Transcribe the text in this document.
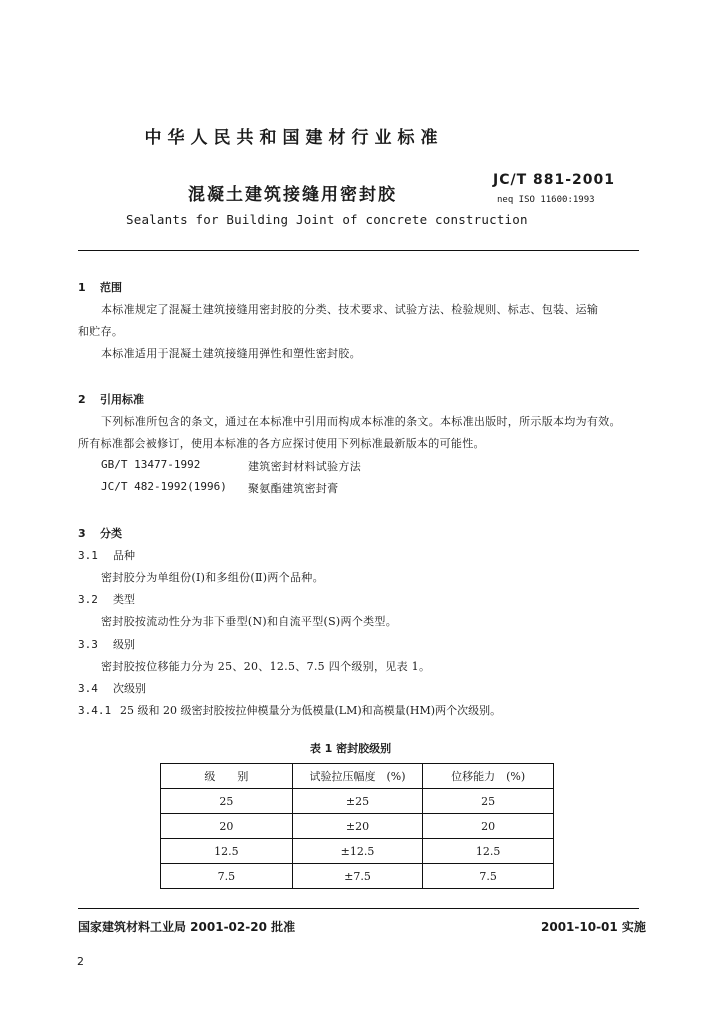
中华人民共和国建材行业标准
混凝土建筑接缝用密封胶
JC/T 881-2001
neq ISO 11600:1993
Sealants for Building Joint of concrete construction
1 范围
本标准规定了混凝土建筑接缝用密封胶的分类、技术要求、试验方法、检验规则、标志、包装、运输
和贮存。
本标准适用于混凝土建筑接缝用弹性和塑性密封胶。
2 引用标准
下列标准所包含的条文，通过在本标准中引用而构成本标准的条文。本标准出版时，所示版本均为有效。
所有标准都会被修订，使用本标准的各方应探讨使用下列标准最新版本的可能性。
GB/T 13477-1992	建筑密封材料试验方法
JC/T 482-1992(1996) 聚氨酯建筑密封膏
3 分类
3.1 品种
密封胶分为单组份(Ⅰ)和多组份(Ⅱ)两个品种。
3.2 类型
密封胶按流动性分为非下垂型(N)和自流平型(S)两个类型。
3.3 级别
密封胶按位移能力分为 25、20、12.5、7.5 四个级别，见表 1。
3.4 次级别
3.4.1 25 级和 20 级密封胶按拉伸模量分为低模量(LM)和高模量(HM)两个次级别。
表 1 密封胶级别
级　　别	试验拉压幅度　(%)	位移能力　(%)
25	±25	25
20	±20	20
12.5	±12.5	12.5
7.5	±7.5	7.5
国家建筑材料工业局 2001-02-20 批准	2001-10-01 实施
2
